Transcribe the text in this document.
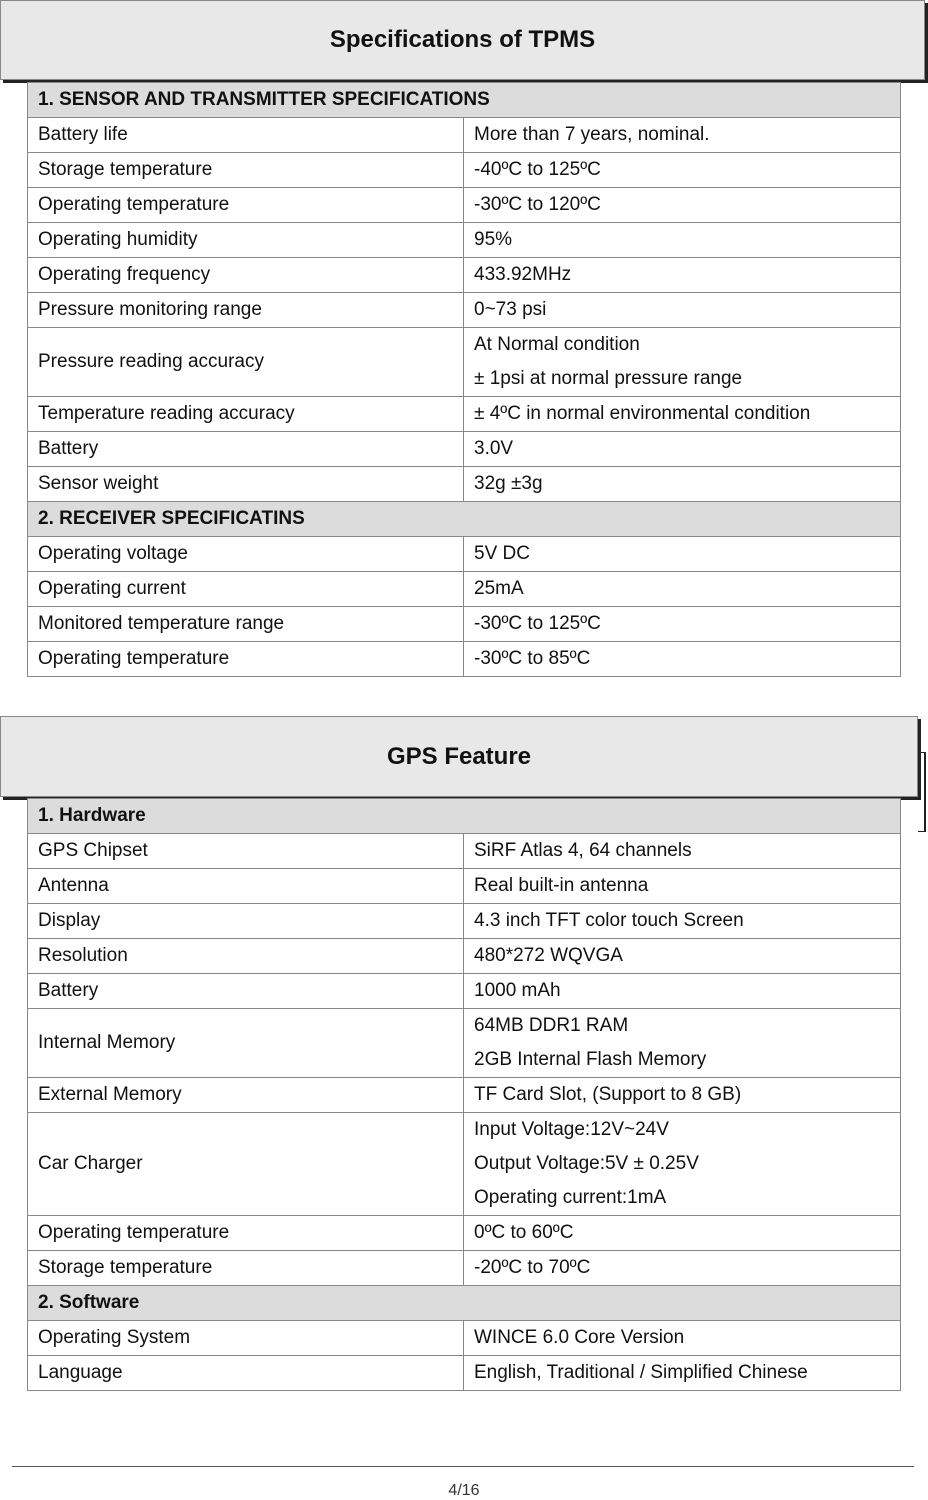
Specifications of TPMS
1. SENSOR AND TRANSMITTER SPECIFICATIONS	
Battery life	More than 7 years, nominal.

Storage temperature	-40ºC to 125ºC

Operating temperature	-30ºC to 120ºC

Operating humidity	95%

Operating frequency	433.92MHz

Pressure monitoring range	0~73 psi

Pressure reading accuracy	At Normal condition
± 1psi at normal pressure range

Temperature reading accuracy	± 4ºC in normal environmental condition

Battery	3.0V

Sensor weight	32g ±3g

2. RECEIVER SPECIFICATINS	
Operating voltage	5V DC

Operating current	25mA

Monitored temperature range	-30ºC to 125ºC

Operating temperature	-30ºC to 85ºC
GPS Feature
1. Hardware	
GPS Chipset	SiRF Atlas 4, 64 channels

Antenna	Real built-in antenna

Display	4.3 inch TFT color touch Screen

Resolution	480*272 WQVGA

Battery	1000 mAh

Internal Memory	64MB DDR1 RAM
2GB Internal Flash Memory

External Memory	TF Card Slot, (Support to 8 GB)

Car Charger	Input Voltage:12V~24V
Output Voltage:5V ± 0.25V
Operating current:1mA

Operating temperature	0ºC to 60ºC

Storage temperature	-20ºC to 70ºC

2. Software	
Operating System	WINCE 6.0 Core Version

Language	English, Traditional / Simplified Chinese
4/16
